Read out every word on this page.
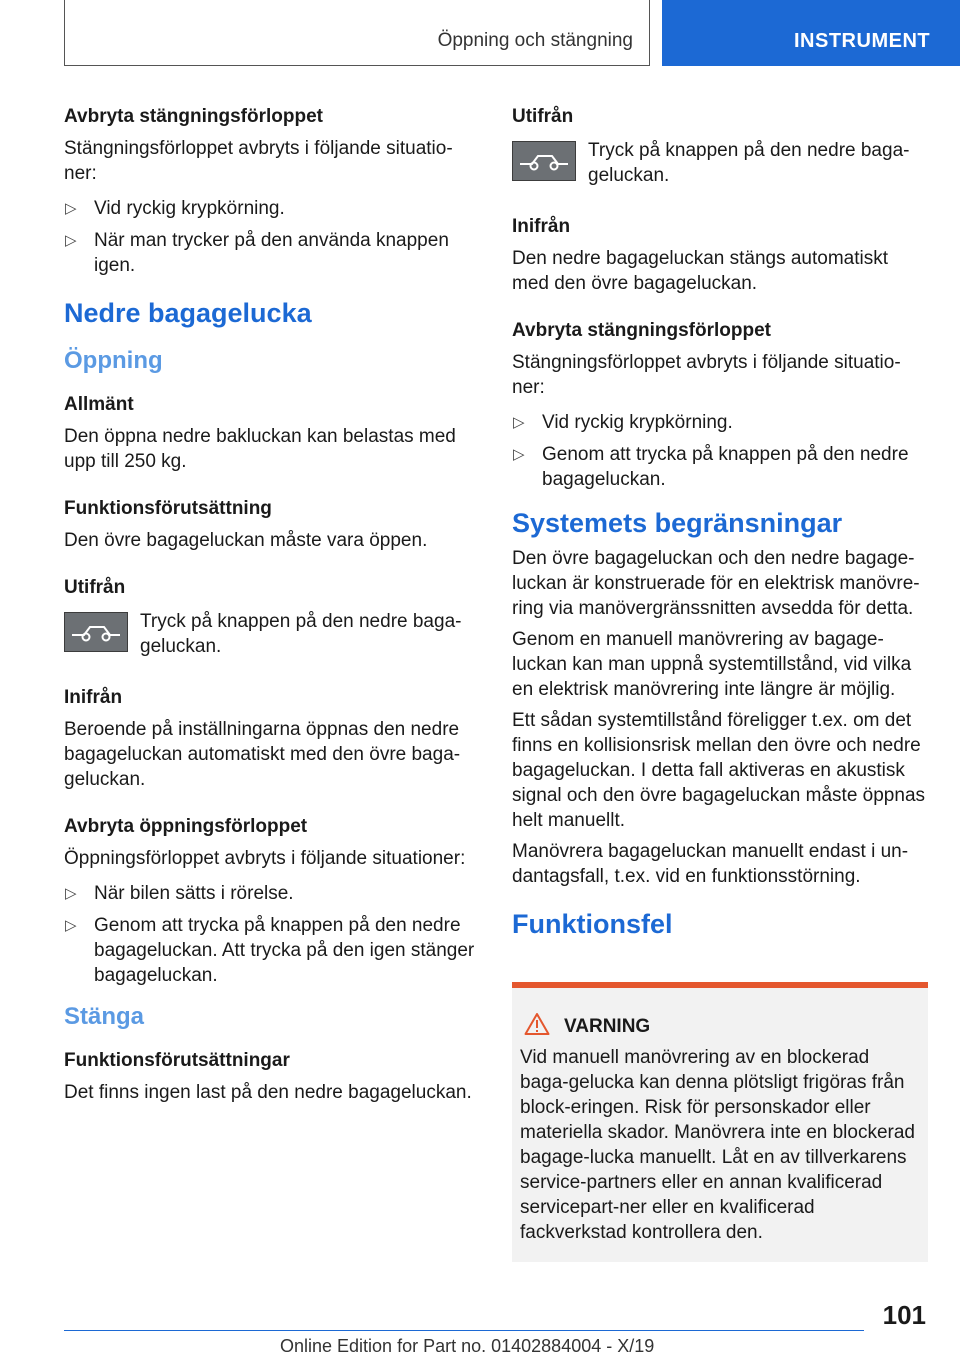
Öppning och stängning	INSTRUMENT
Avbryta stängningsförloppet
Stängningsförloppet avbryts i följande situatio-ner:
▷ Vid ryckig krypkörning.
▷ När man trycker på den använda knappen igen.
Nedre bagagelucka
Öppning
Allmänt
Den öppna nedre bakluckan kan belastas med upp till 250 kg.
Funktionsförutsättning
Den övre bagageluckan måste vara öppen.
Utifrån
Tryck på knappen på den nedre baga-geluckan.
Inifrån
Beroende på inställningarna öppnas den nedre bagageluckan automatiskt med den övre baga-geluckan.
Avbryta öppningsförloppet
Öppningsförloppet avbryts i följande situationer:
▷ När bilen sätts i rörelse.
▷ Genom att trycka på knappen på den nedre bagageluckan. Att trycka på den igen stänger bagageluckan.
Stänga
Funktionsförutsättningar
Det finns ingen last på den nedre bagageluckan.
Utifrån
Tryck på knappen på den nedre baga-geluckan.
Inifrån
Den nedre bagageluckan stängs automatiskt med den övre bagageluckan.
Avbryta stängningsförloppet
Stängningsförloppet avbryts i följande situatio-ner:
▷ Vid ryckig krypkörning.
▷ Genom att trycka på knappen på den nedre bagageluckan.
Systemets begränsningar
Den övre bagageluckan och den nedre bagage-luckan är konstruerade för en elektrisk manövre-ring via manövergränssnitten avsedda för detta.
Genom en manuell manövrering av bagage-luckan kan man uppnå systemtillstånd, vid vilka en elektrisk manövrering inte längre är möjlig.
Ett sådan systemtillstånd föreligger t.ex. om det finns en kollisionsrisk mellan den övre och nedre bagageluckan. I detta fall aktiveras en akustisk signal och den övre bagageluckan måste öppnas helt manuellt.
Manövrera bagageluckan manuellt endast i un-dantagsfall, t.ex. vid en funktionsstörning.
Funktionsfel
VARNING
Vid manuell manövrering av en blockerad baga-gelucka kan denna plötsligt frigöras från block-eringen. Risk för personskador eller materiella skador. Manövrera inte en blockerad bagage-lucka manuellt. Låt en av tillverkarens service-partners eller en annan kvalificerad servicepart-ner eller en kvalificerad fackverkstad kontrollera den.
101
Online Edition for Part no. 01402884004 - X/19
